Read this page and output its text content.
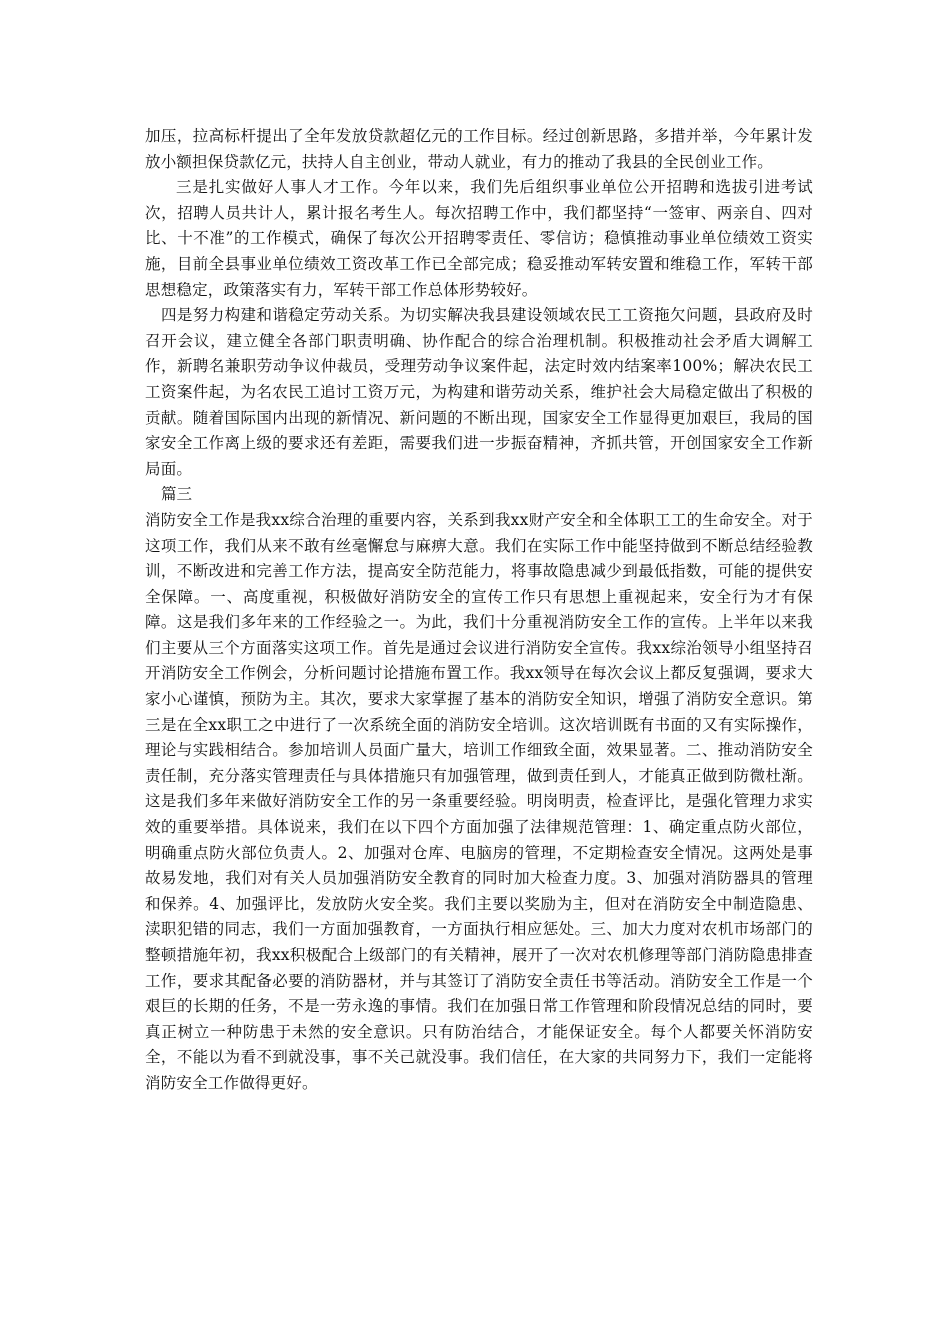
加压，拉高标杆提出了全年发放贷款超亿元的工作目标。经过创新思路，多措并举，今年累计发放小额担保贷款亿元，扶持人自主创业，带动人就业，有力的推动了我县的全民创业工作。

三是扎实做好人事人才工作。今年以来，我们先后组织事业单位公开招聘和选拔引进考试次，招聘人员共计人，累计报名考生人。每次招聘工作中，我们都坚持“一签审、两亲自、四对比、十不准”的工作模式，确保了每次公开招聘零责任、零信访；稳慎推动事业单位绩效工资实施，目前全县事业单位绩效工资改革工作已全部完成；稳妥推动军转安置和维稳工作，军转干部思想稳定，政策落实有力，军转干部工作总体形势较好。

四是努力构建和谐稳定劳动关系。为切实解决我县建设领域农民工工资拖欠问题，县政府及时召开会议，建立健全各部门职责明确、协作配合的综合治理机制。积极推动社会矛盾大调解工作，新聘名兼职劳动争议仲裁员，受理劳动争议案件起，法定时效内结案率100%；解决农民工工资案件起，为名农民工追讨工资万元，为构建和谐劳动关系，维护社会大局稳定做出了积极的贡献。随着国际国内出现的新情况、新问题的不断出现，国家安全工作显得更加艰巨，我局的国家安全工作离上级的要求还有差距，需要我们进一步振奋精神，齐抓共管，开创国家安全工作新局面。

篇三

消防安全工作是我xx综合治理的重要内容，关系到我xx财产安全和全体职工工的生命安全。对于这项工作，我们从来不敢有丝毫懈怠与麻痹大意。我们在实际工作中能坚持做到不断总结经验教训，不断改进和完善工作方法，提高安全防范能力，将事故隐患减少到最低指数，可能的提供安全保障。一、高度重视，积极做好消防安全的宣传工作只有思想上重视起来，安全行为才有保障。这是我们多年来的工作经验之一。为此，我们十分重视消防安全工作的宣传。上半年以来我们主要从三个方面落实这项工作。首先是通过会议进行消防安全宣传。我xx综治领导小组坚持召开消防安全工作例会，分析问题讨论措施布置工作。我xx领导在每次会议上都反复强调，要求大家小心谨慎，预防为主。其次，要求大家掌握了基本的消防安全知识，增强了消防安全意识。第三是在全xx职工之中进行了一次系统全面的消防安全培训。这次培训既有书面的又有实际操作，理论与实践相结合。参加培训人员面广量大，培训工作细致全面，效果显著。二、推动消防安全责任制，充分落实管理责任与具体措施只有加强管理，做到责任到人，才能真正做到防微杜渐。这是我们多年来做好消防安全工作的另一条重要经验。明岗明责，检查评比，是强化管理力求实效的重要举措。具体说来，我们在以下四个方面加强了法律规范管理：1、确定重点防火部位，明确重点防火部位负责人。2、加强对仓库、电脑房的管理，不定期检查安全情况。这两处是事故易发地，我们对有关人员加强消防安全教育的同时加大检查力度。3、加强对消防器具的管理和保养。4、加强评比，发放防火安全奖。我们主要以奖励为主，但对在消防安全中制造隐患、渎职犯错的同志，我们一方面加强教育，一方面执行相应惩处。三、加大力度对农机市场部门的整顿措施年初，我xx积极配合上级部门的有关精神，展开了一次对农机修理等部门消防隐患排查工作，要求其配备必要的消防器材，并与其签订了消防安全责任书等活动。消防安全工作是一个艰巨的长期的任务，不是一劳永逸的事情。我们在加强日常工作管理和阶段情况总结的同时，要真正树立一种防患于未然的安全意识。只有防治结合，才能保证安全。每个人都要关怀消防安全，不能以为看不到就没事，事不关己就没事。我们信任，在大家的共同努力下，我们一定能将消防安全工作做得更好。
